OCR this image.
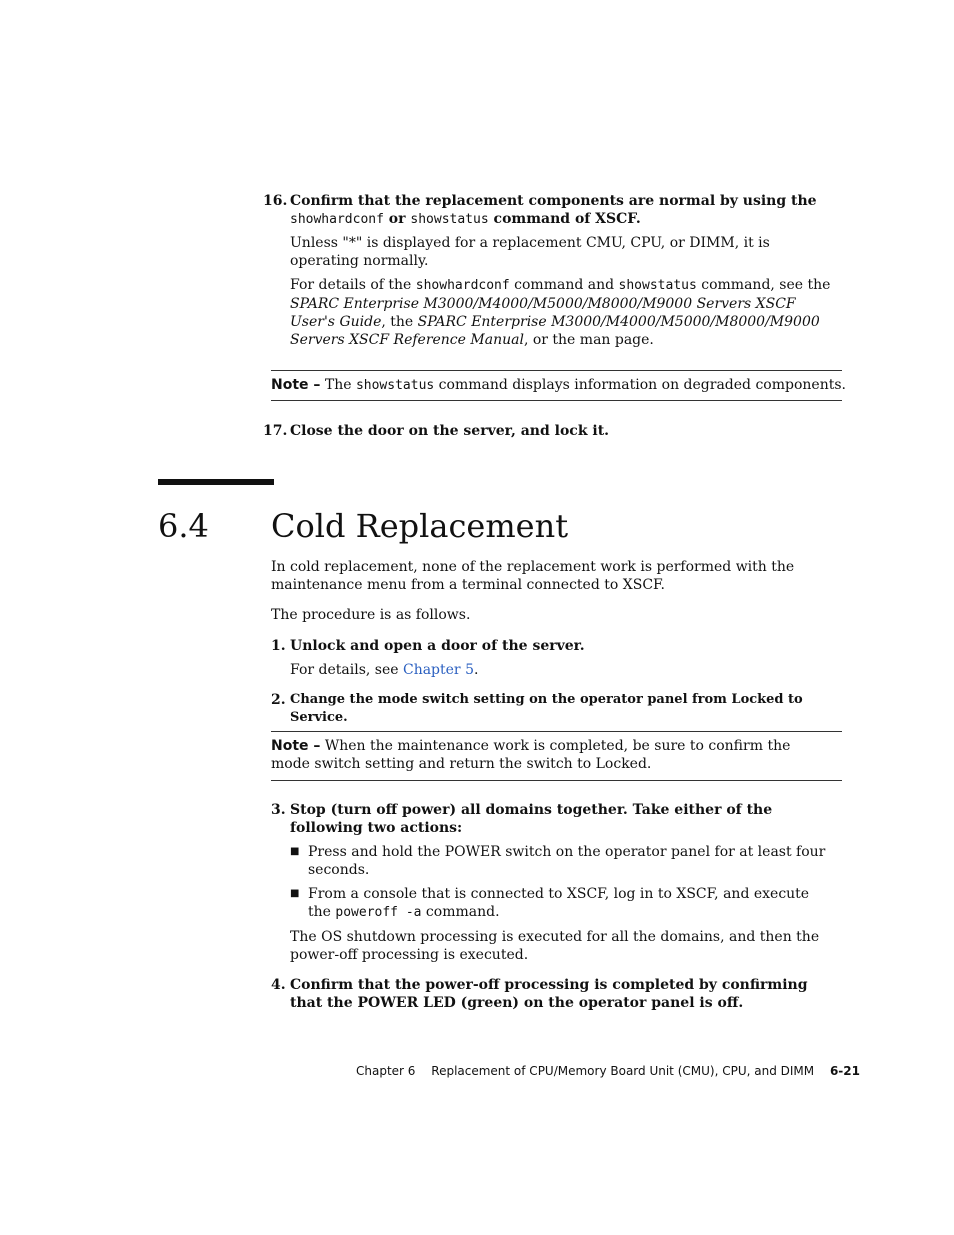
16. Confirm that the replacement components are normal by using the
showhardconf or showstatus command of XSCF.

Unless "*" is displayed for a replacement CMU, CPU, or DIMM, it is operating normally.

For details of the showhardconf command and showstatus command, see the SPARC Enterprise M3000/M4000/M5000/M8000/M9000 Servers XSCF User's Guide, the SPARC Enterprise M3000/M4000/M5000/M8000/M9000 Servers XSCF Reference Manual, or the man page.

Note – The showstatus command displays information on degraded components.

17. Close the door on the server, and lock it.
6.4 Cold Replacement

In cold replacement, none of the replacement work is performed with the maintenance menu from a terminal connected to XSCF.

The procedure is as follows.

1. Unlock and open a door of the server.

For details, see Chapter 5.

2. Change the mode switch setting on the operator panel from Locked to Service.

Note – When the maintenance work is completed, be sure to confirm the mode switch setting and return the switch to Locked.

3. Stop (turn off power) all domains together. Take either of the following two actions:
■ Press and hold the POWER switch on the operator panel for at least four seconds.

■ From a console that is connected to XSCF, log in to XSCF, and execute the poweroff -a command.

The OS shutdown processing is executed for all the domains, and then the power-off processing is executed.

4. Confirm that the power-off processing is completed by confirming that the POWER LED (green) on the operator panel is off.
Chapter 6 Replacement of CPU/Memory Board Unit (CMU), CPU, and DIMM 6-21
